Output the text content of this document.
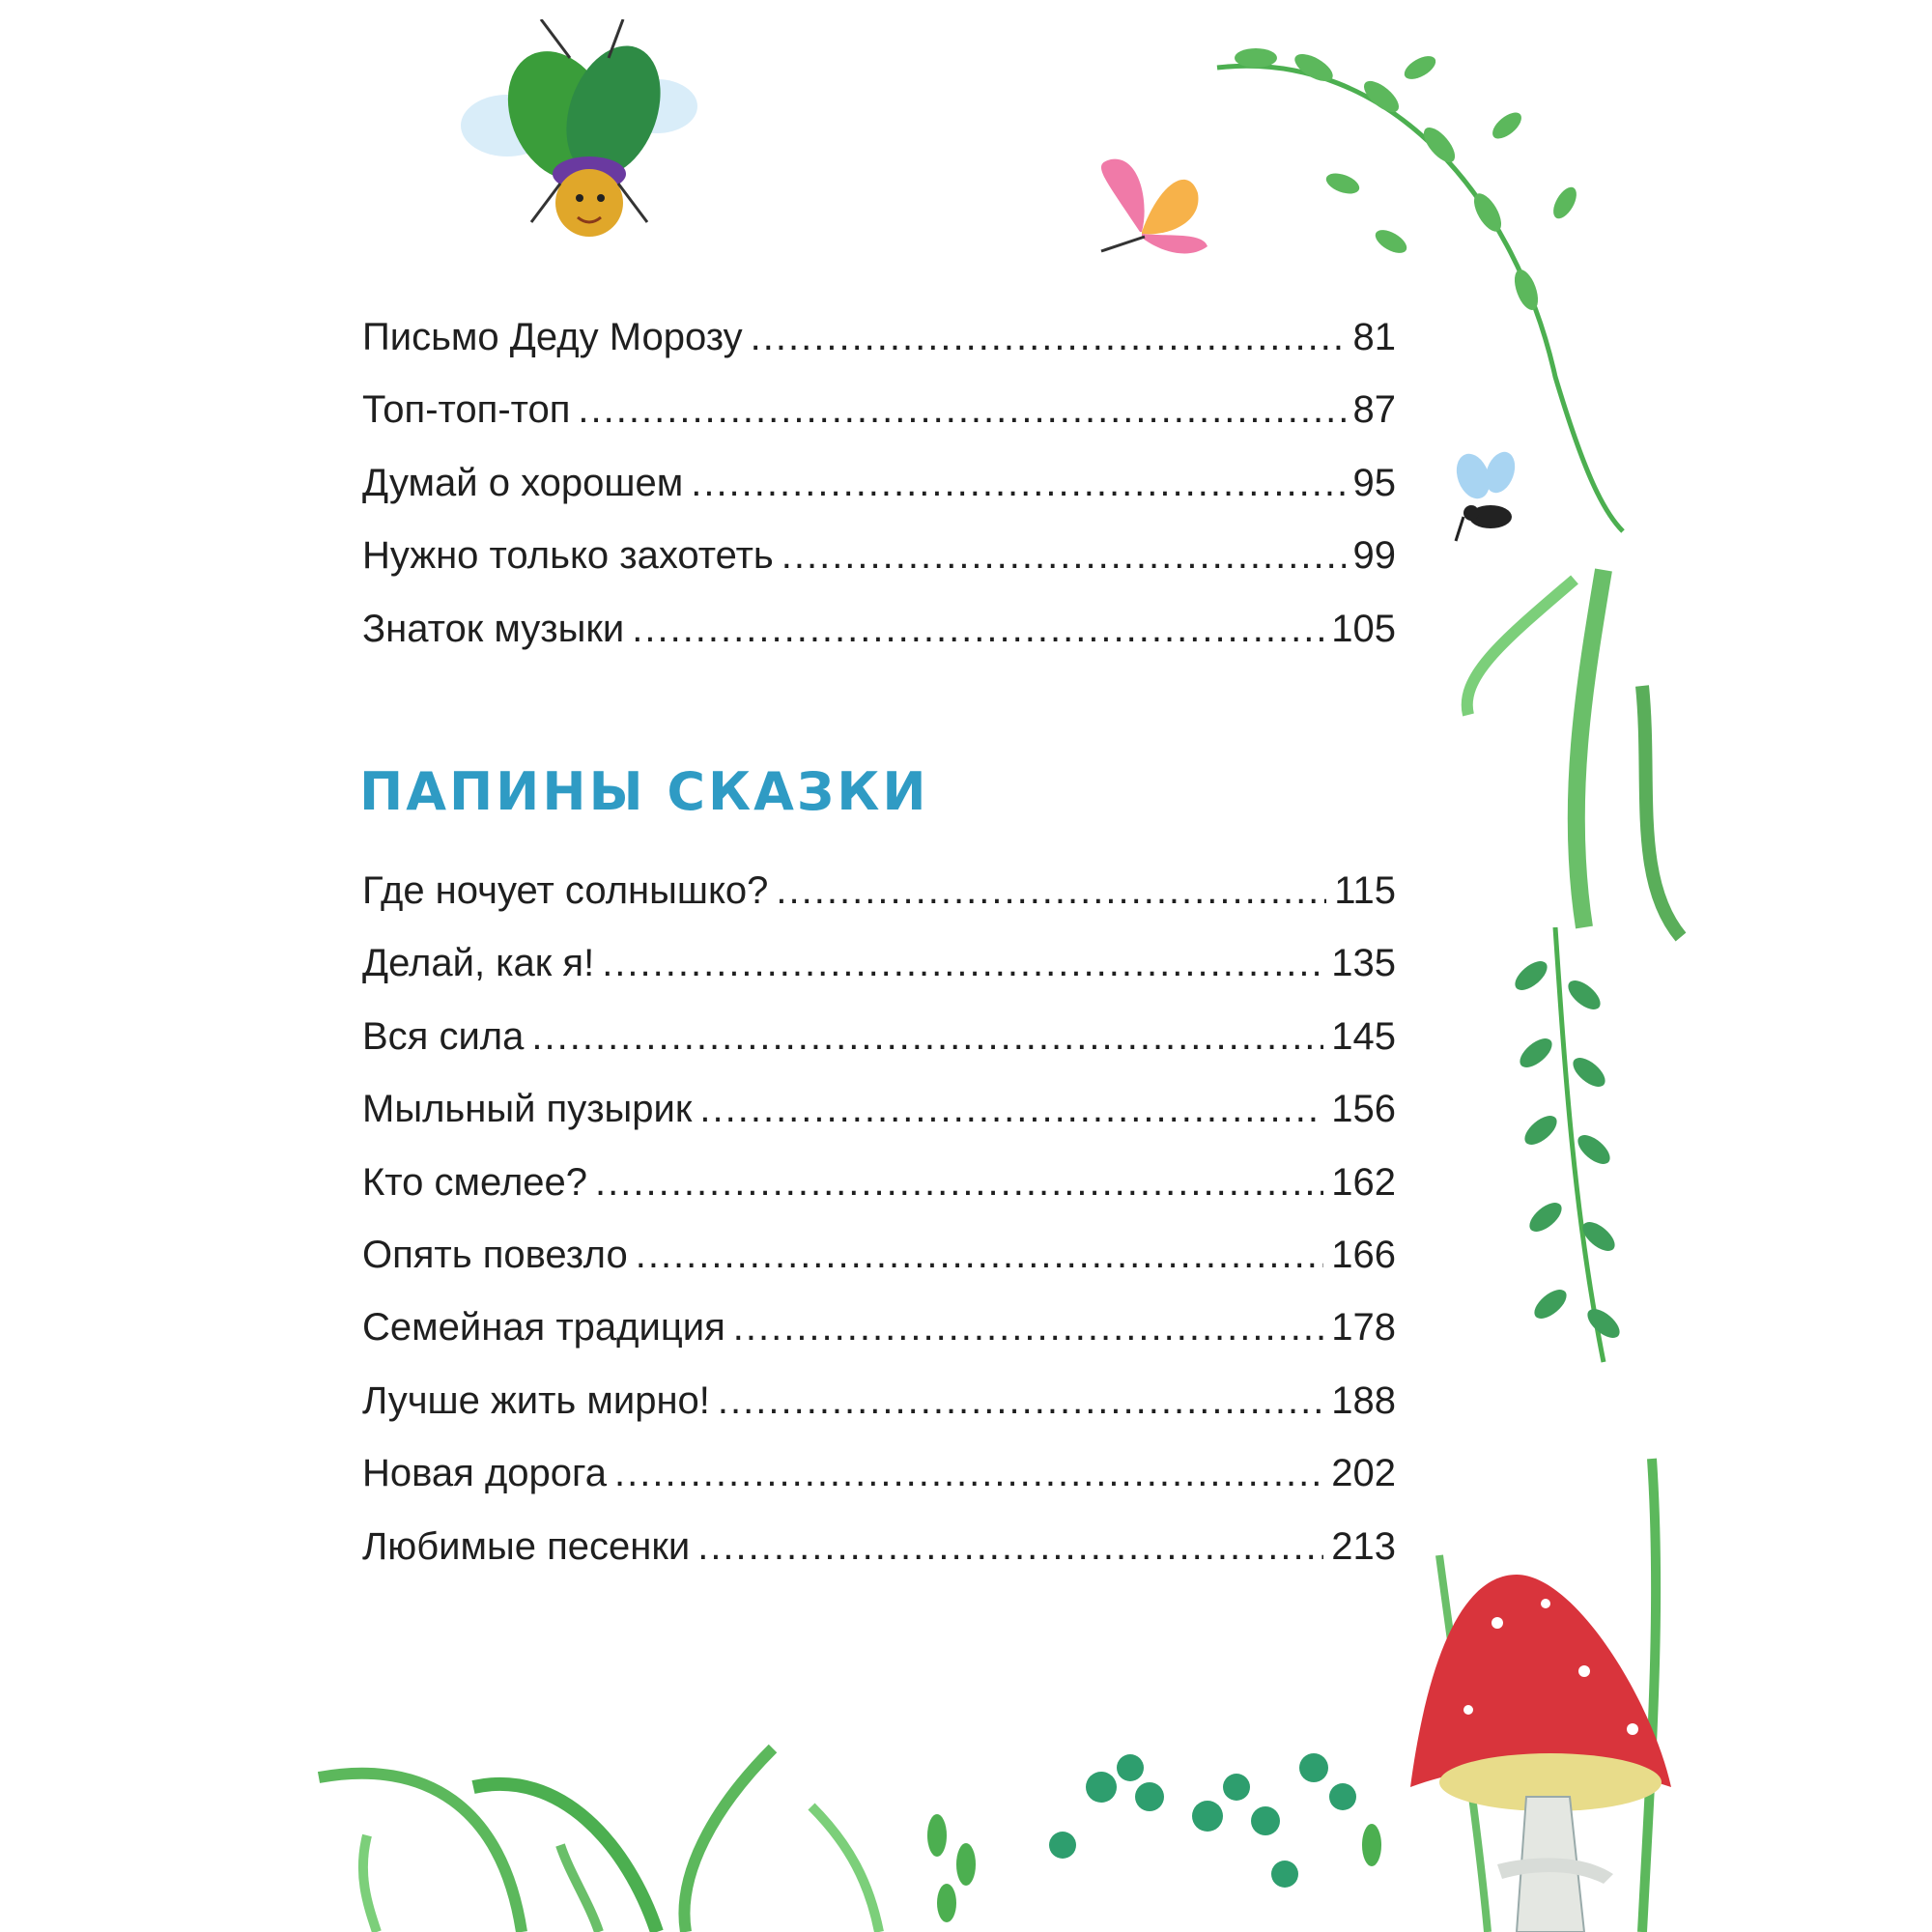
Письмо Деду Морозу .....	81
Топ-топ-топ .....	87
Думай о хорошем .....	95
Нужно только захотеть .....	99
Знаток музыки .....	105
ПАПИНЫ СКАЗКИ
Где ночует солнышко? .....	115
Делай, как я! .....	135
Вся сила .....	145
Мыльный пузырик .....	156
Кто смелее? .....	162
Опять повезло .....	166
Семейная традиция .....	178
Лучше жить мирно! .....	188
Новая дорога .....	202
Любимые песенки .....	213
